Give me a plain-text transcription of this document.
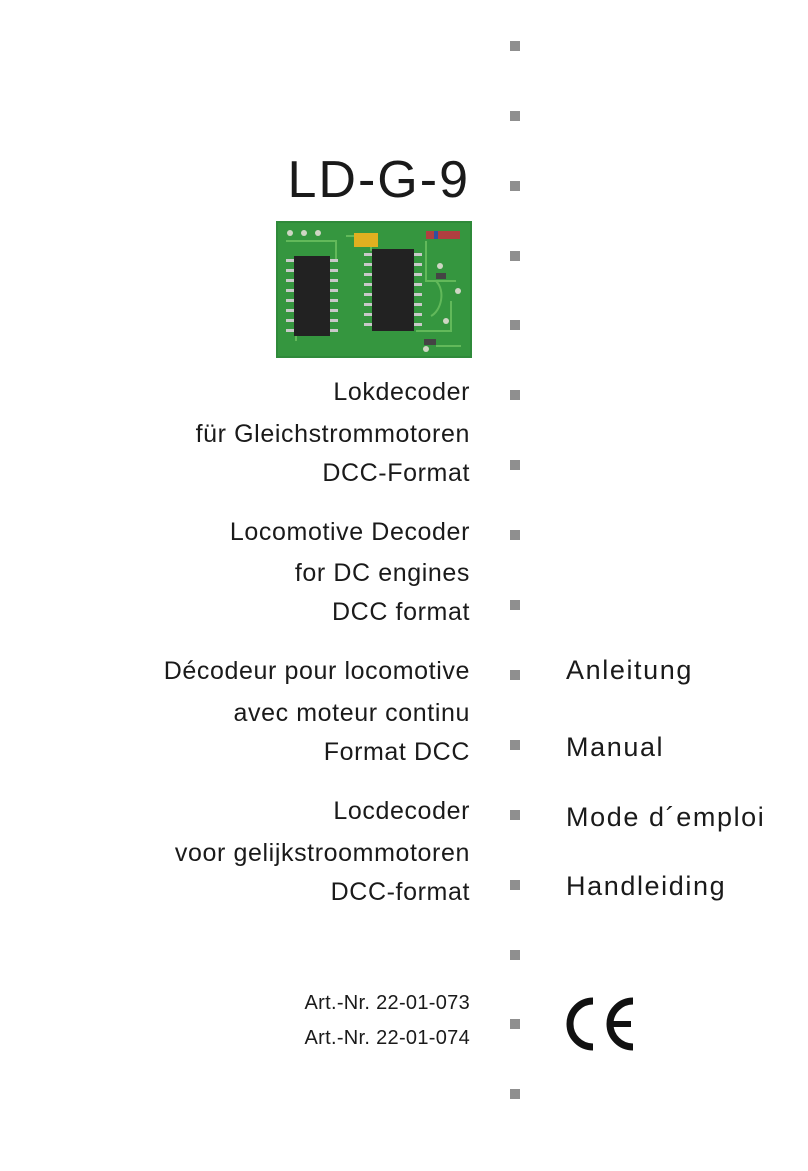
LD-G-9
Lokdecoder
für Gleichstrommotoren
DCC-Format
Locomotive Decoder
for DC engines
DCC format
Décodeur pour locomotive
avec moteur continu
Format DCC
Locdecoder
voor gelijkstroommotoren
DCC-format
Art.-Nr. 22-01-073
Art.-Nr. 22-01-074
Anleitung
Manual
Mode d´emploi
Handleiding
